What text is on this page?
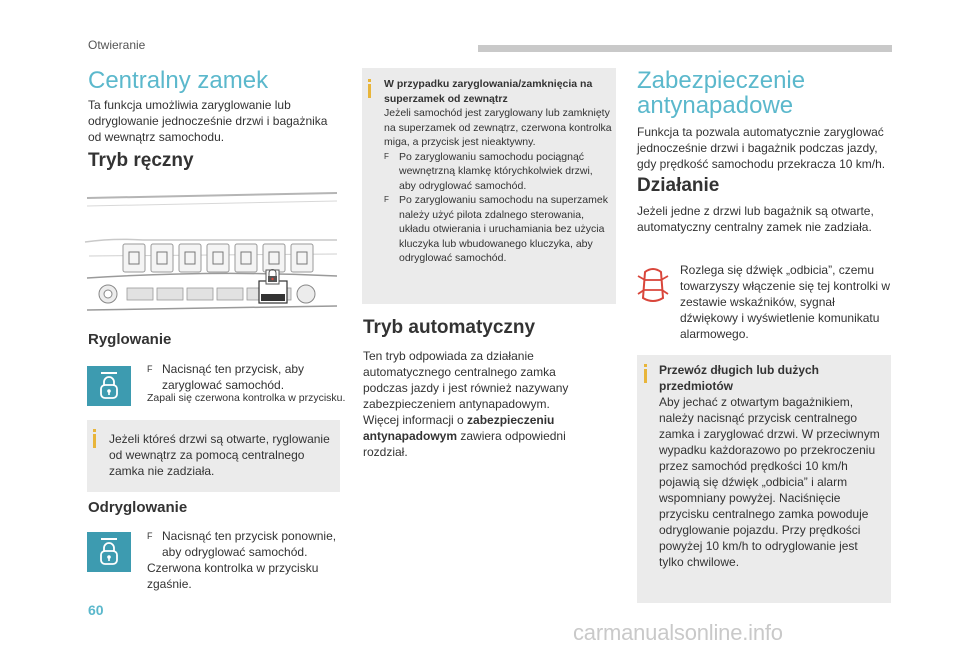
Otwieranie
Centralny zamek
Ta funkcja umożliwia zaryglowanie lub odryglowanie jednocześnie drzwi i bagażnika od wewnątrz samochodu.
Tryb ręczny
Ryglowanie
F Nacisnąć ten przycisk, aby zaryglować samochód.
Zapali się czerwona kontrolka w przycisku.
Jeżeli któreś drzwi są otwarte, ryglowanie od wewnątrz za pomocą centralnego zamka nie zadziała.
Odryglowanie
F Nacisnąć ten przycisk ponownie, aby odryglować samochód.
Czerwona kontrolka w przycisku zgaśnie.
W przypadku zaryglowania/zamknięcia na superzamek od zewnątrz
Jeżeli samochód jest zaryglowany lub zamknięty na superzamek od zewnątrz, czerwona kontrolka miga, a przycisk jest nieaktywny.
F Po zaryglowaniu samochodu pociągnąć wewnętrzną klamkę którychkolwiek drzwi, aby odryglować samochód.
F Po zaryglowaniu samochodu na superzamek należy użyć pilota zdalnego sterowania, układu otwierania i uruchamiania bez użycia kluczyka lub wbudowanego kluczyka, aby odryglować samochód.
Tryb automatyczny
Ten tryb odpowiada za działanie automatycznego centralnego zamka podczas jazdy i jest również nazywany zabezpieczeniem antynapadowym.
Więcej informacji o zabezpieczeniu antynapadowym zawiera odpowiedni rozdział.
Zabezpieczenie antynapadowe
Funkcja ta pozwala automatycznie zaryglować jednocześnie drzwi i bagażnik podczas jazdy, gdy prędkość samochodu przekracza 10 km/h.
Działanie
Jeżeli jedne z drzwi lub bagażnik są otwarte, automatyczny centralny zamek nie zadziała.
Rozlega się dźwięk „odbicia”, czemu towarzyszy włączenie się tej kontrolki w zestawie wskaźników, sygnał dźwiękowy i wyświetlenie komunikatu alarmowego.
Przewóz długich lub dużych przedmiotów
Aby jechać z otwartym bagażnikiem, należy nacisnąć przycisk centralnego zamka i zaryglować drzwi. W przeciwnym wypadku każdorazowo po przekroczeniu przez samochód prędkości 10 km/h pojawią się dźwięk „odbicia” i alarm wspomniany powyżej. Naciśnięcie przycisku centralnego zamka powoduje odryglowanie pojazdu. Przy prędkości powyżej 10 km/h to odryglowanie jest tylko chwilowe.
60
carmanualsonline.info
